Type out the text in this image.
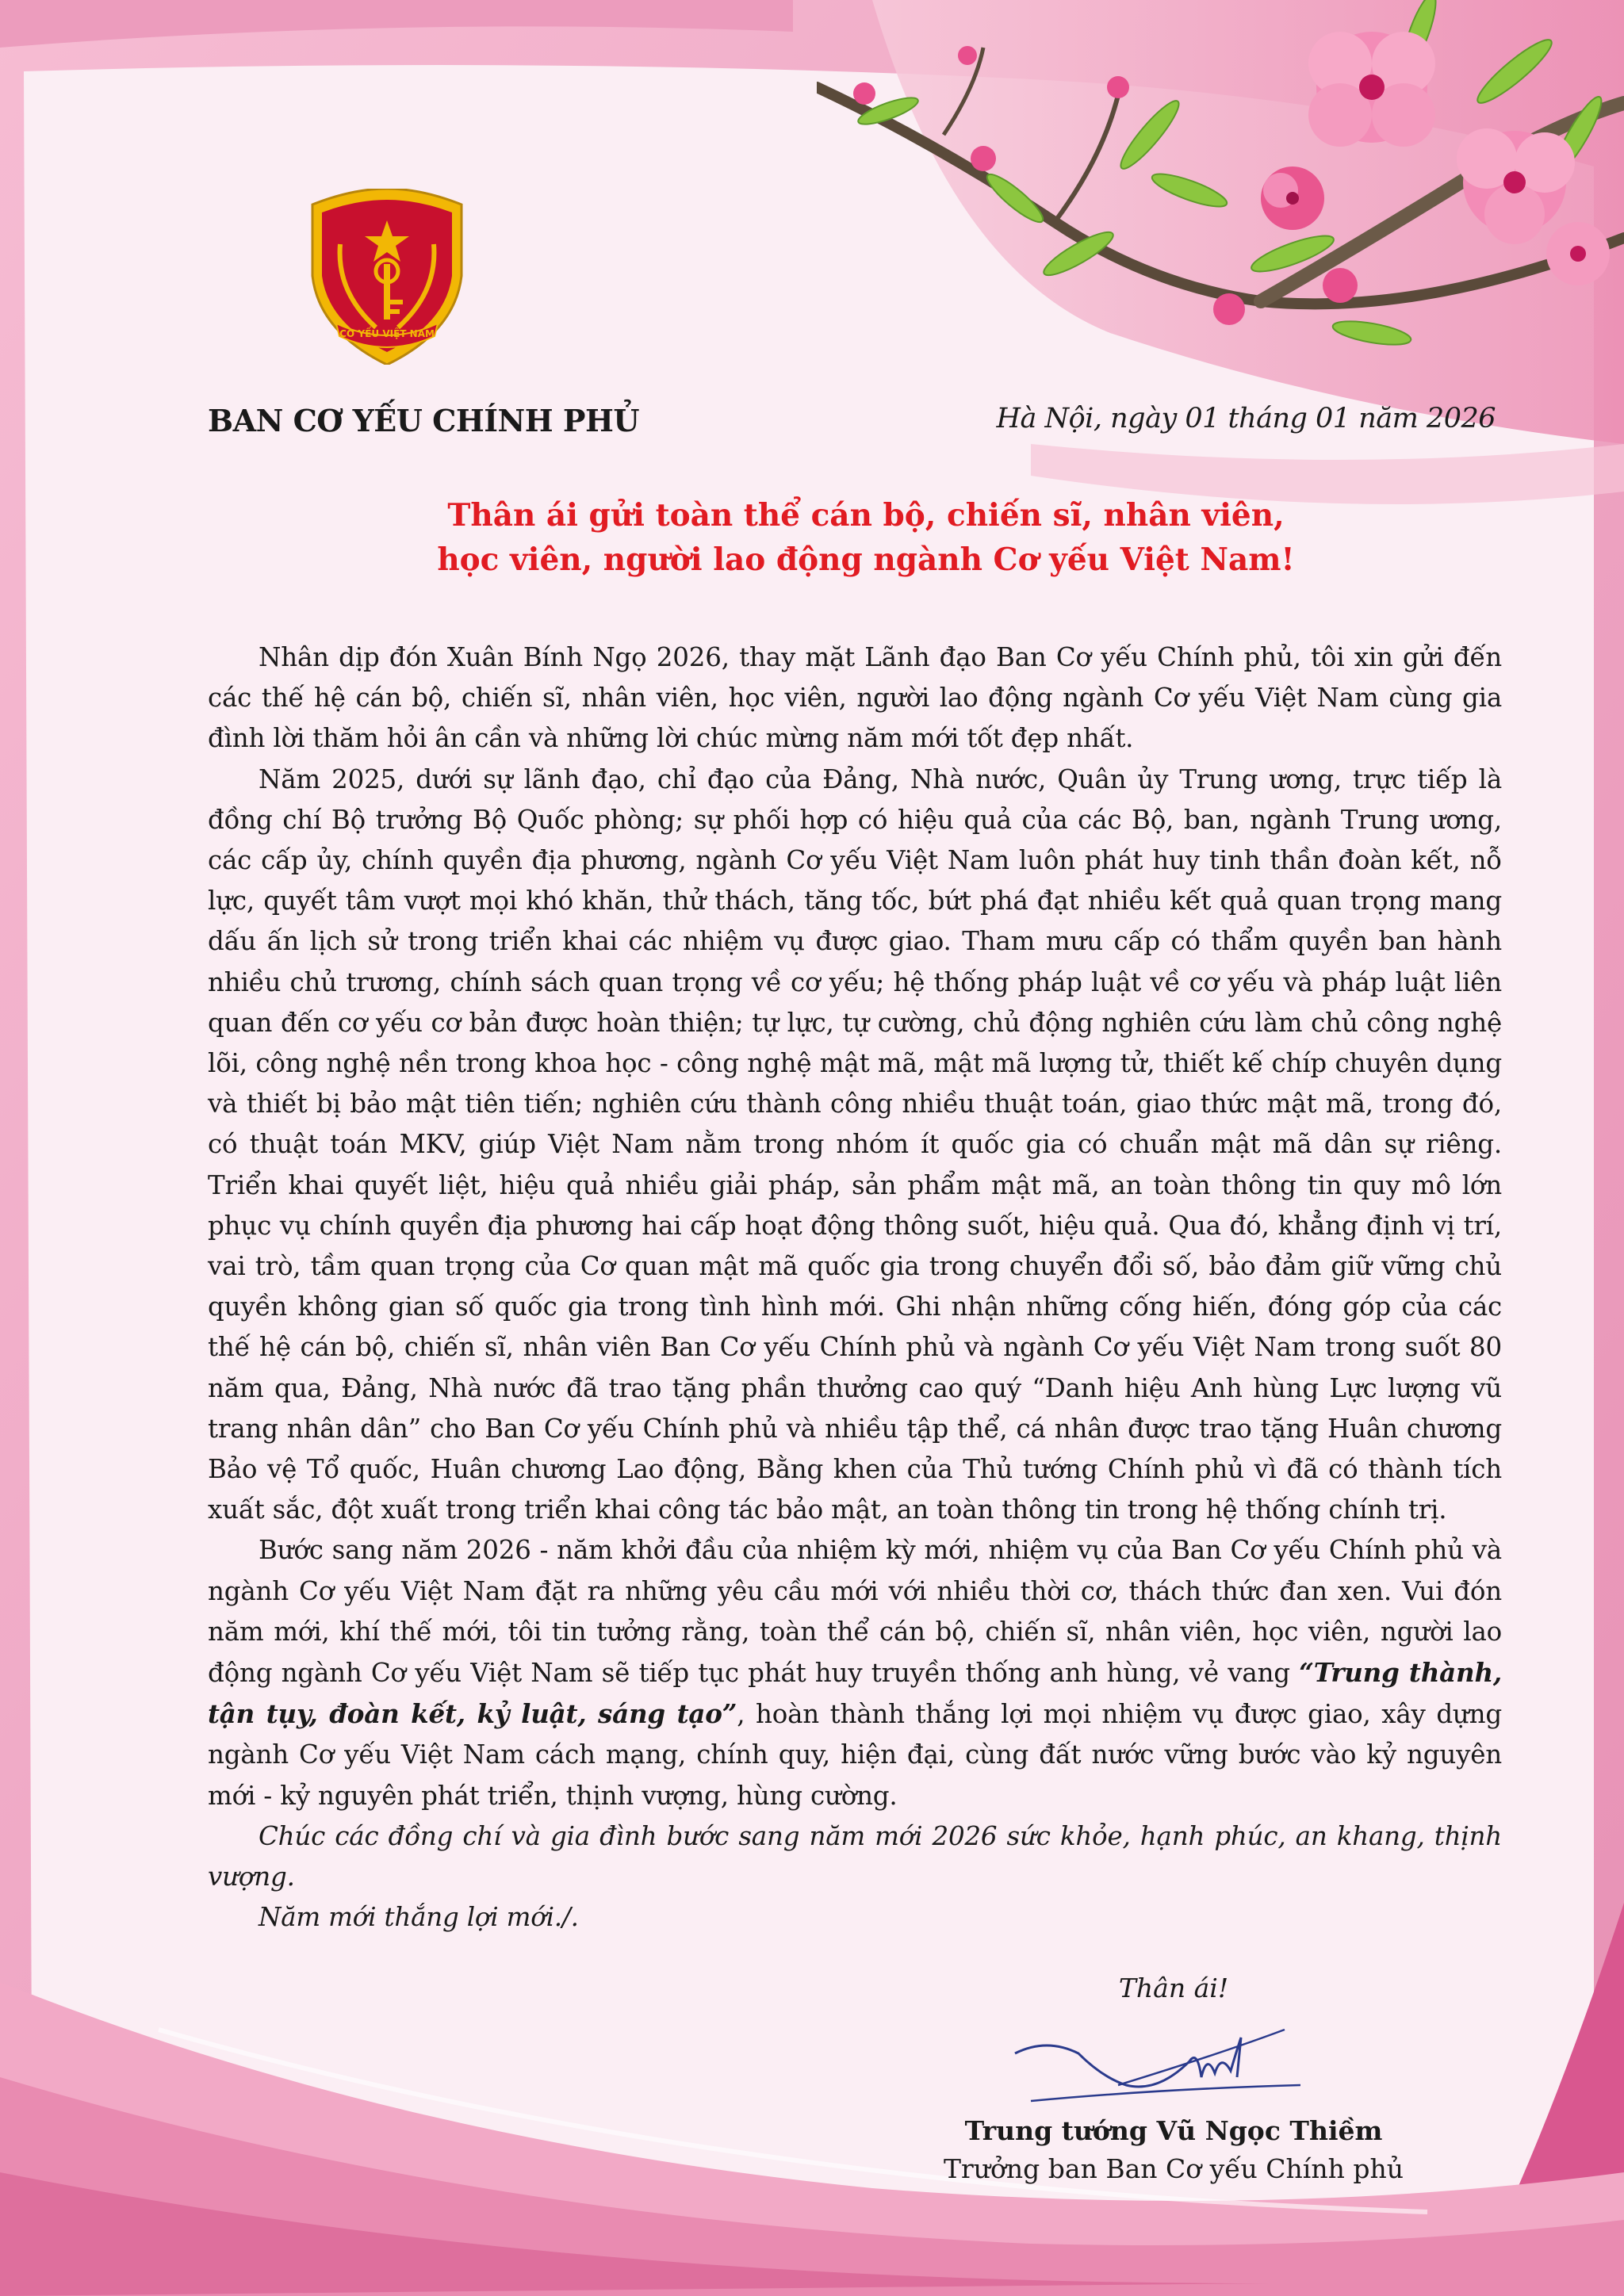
CƠ YẾU VIỆT NAM
BAN CƠ YẾU CHÍNH PHỦ	Hà Nội, ngày 01 tháng 01 năm 2026
Thân ái gửi toàn thể cán bộ, chiến sĩ, nhân viên,
học viên, người lao động ngành Cơ yếu Việt Nam!

Nhân dịp đón Xuân Bính Ngọ 2026, thay mặt Lãnh đạo Ban Cơ yếu Chính phủ, tôi xin gửi đến các thế hệ cán bộ, chiến sĩ, nhân viên, học viên, người lao động ngành Cơ yếu Việt Nam cùng gia đình lời thăm hỏi ân cần và những lời chúc mừng năm mới tốt đẹp nhất.

Năm 2025, dưới sự lãnh đạo, chỉ đạo của Đảng, Nhà nước, Quân ủy Trung ương, trực tiếp là đồng chí Bộ trưởng Bộ Quốc phòng; sự phối hợp có hiệu quả của các Bộ, ban, ngành Trung ương, các cấp ủy, chính quyền địa phương, ngành Cơ yếu Việt Nam luôn phát huy tinh thần đoàn kết, nỗ lực, quyết tâm vượt mọi khó khăn, thử thách, tăng tốc, bứt phá đạt nhiều kết quả quan trọng mang dấu ấn lịch sử trong triển khai các nhiệm vụ được giao. Tham mưu cấp có thẩm quyền ban hành nhiều chủ trương, chính sách quan trọng về cơ yếu; hệ thống pháp luật về cơ yếu và pháp luật liên quan đến cơ yếu cơ bản được hoàn thiện; tự lực, tự cường, chủ động nghiên cứu làm chủ công nghệ lõi, công nghệ nền trong khoa học - công nghệ mật mã, mật mã lượng tử, thiết kế chíp chuyên dụng và thiết bị bảo mật tiên tiến; nghiên cứu thành công nhiều thuật toán, giao thức mật mã, trong đó, có thuật toán MKV, giúp Việt Nam nằm trong nhóm ít quốc gia có chuẩn mật mã dân sự riêng. Triển khai quyết liệt, hiệu quả nhiều giải pháp, sản phẩm mật mã, an toàn thông tin quy mô lớn phục vụ chính quyền địa phương hai cấp hoạt động thông suốt, hiệu quả. Qua đó, khẳng định vị trí, vai trò, tầm quan trọng của Cơ quan mật mã quốc gia trong chuyển đổi số, bảo đảm giữ vững chủ quyền không gian số quốc gia trong tình hình mới. Ghi nhận những cống hiến, đóng góp của các thế hệ cán bộ, chiến sĩ, nhân viên Ban Cơ yếu Chính phủ và ngành Cơ yếu Việt Nam trong suốt 80 năm qua, Đảng, Nhà nước đã trao tặng phần thưởng cao quý “Danh hiệu Anh hùng Lực lượng vũ trang nhân dân” cho Ban Cơ yếu Chính phủ và nhiều tập thể, cá nhân được trao tặng Huân chương Bảo vệ Tổ quốc, Huân chương Lao động, Bằng khen của Thủ tướng Chính phủ vì đã có thành tích xuất sắc, đột xuất trong triển khai công tác bảo mật, an toàn thông tin trong hệ thống chính trị.

Bước sang năm 2026 - năm khởi đầu của nhiệm kỳ mới, nhiệm vụ của Ban Cơ yếu Chính phủ và ngành Cơ yếu Việt Nam đặt ra những yêu cầu mới với nhiều thời cơ, thách thức đan xen. Vui đón năm mới, khí thế mới, tôi tin tưởng rằng, toàn thể cán bộ, chiến sĩ, nhân viên, học viên, người lao động ngành Cơ yếu Việt Nam sẽ tiếp tục phát huy truyền thống anh hùng, vẻ vang “Trung thành, tận tụy, đoàn kết, kỷ luật, sáng tạo”, hoàn thành thắng lợi mọi nhiệm vụ được giao, xây dựng ngành Cơ yếu Việt Nam cách mạng, chính quy, hiện đại, cùng đất nước vững bước vào kỷ nguyên mới - kỷ nguyên phát triển, thịnh vượng, hùng cường.

Chúc các đồng chí và gia đình bước sang năm mới 2026 sức khỏe, hạnh phúc, an khang, thịnh vượng.

Năm mới thắng lợi mới./.

Thân ái!
Trung tướng Vũ Ngọc Thiềm
Trưởng ban Ban Cơ yếu Chính phủ
